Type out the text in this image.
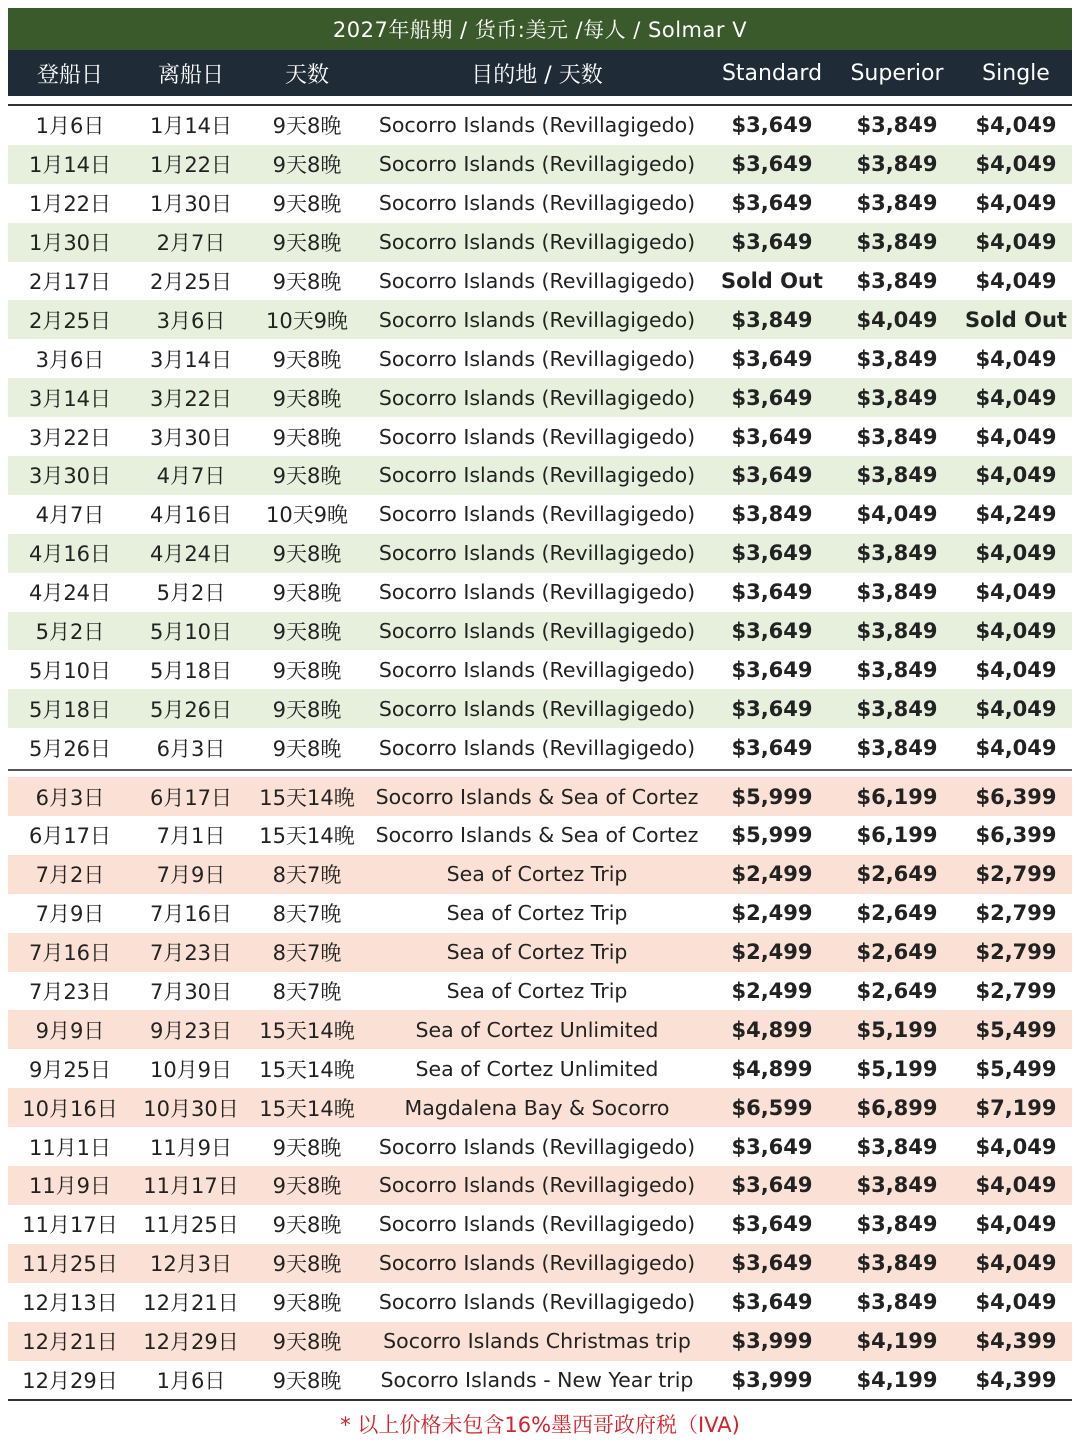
2027年船期 / 货币:美元 /每人 / Solmar V
登船日	离船日	天数	目的地 / 天数	Standard	Superior	Single
1月6日	1月14日	9天8晚	Socorro Islands (Revillagigedo)	$3,649	$3,849	$4,049
1月14日	1月22日	9天8晚	Socorro Islands (Revillagigedo)	$3,649	$3,849	$4,049
1月22日	1月30日	9天8晚	Socorro Islands (Revillagigedo)	$3,649	$3,849	$4,049
1月30日	2月7日	9天8晚	Socorro Islands (Revillagigedo)	$3,649	$3,849	$4,049
2月17日	2月25日	9天8晚	Socorro Islands (Revillagigedo)	Sold Out	$3,849	$4,049
2月25日	3月6日	10天9晚	Socorro Islands (Revillagigedo)	$3,849	$4,049	Sold Out
3月6日	3月14日	9天8晚	Socorro Islands (Revillagigedo)	$3,649	$3,849	$4,049
3月14日	3月22日	9天8晚	Socorro Islands (Revillagigedo)	$3,649	$3,849	$4,049
3月22日	3月30日	9天8晚	Socorro Islands (Revillagigedo)	$3,649	$3,849	$4,049
3月30日	4月7日	9天8晚	Socorro Islands (Revillagigedo)	$3,649	$3,849	$4,049
4月7日	4月16日	10天9晚	Socorro Islands (Revillagigedo)	$3,849	$4,049	$4,249
4月16日	4月24日	9天8晚	Socorro Islands (Revillagigedo)	$3,649	$3,849	$4,049
4月24日	5月2日	9天8晚	Socorro Islands (Revillagigedo)	$3,649	$3,849	$4,049
5月2日	5月10日	9天8晚	Socorro Islands (Revillagigedo)	$3,649	$3,849	$4,049
5月10日	5月18日	9天8晚	Socorro Islands (Revillagigedo)	$3,649	$3,849	$4,049
5月18日	5月26日	9天8晚	Socorro Islands (Revillagigedo)	$3,649	$3,849	$4,049
5月26日	6月3日	9天8晚	Socorro Islands (Revillagigedo)	$3,649	$3,849	$4,049
6月3日	6月17日	15天14晚	Socorro Islands & Sea of Cortez	$5,999	$6,199	$6,399
6月17日	7月1日	15天14晚	Socorro Islands & Sea of Cortez	$5,999	$6,199	$6,399
7月2日	7月9日	8天7晚	Sea of Cortez Trip	$2,499	$2,649	$2,799
7月9日	7月16日	8天7晚	Sea of Cortez Trip	$2,499	$2,649	$2,799
7月16日	7月23日	8天7晚	Sea of Cortez Trip	$2,499	$2,649	$2,799
7月23日	7月30日	8天7晚	Sea of Cortez Trip	$2,499	$2,649	$2,799
9月9日	9月23日	15天14晚	Sea of Cortez Unlimited	$4,899	$5,199	$5,499
9月25日	10月9日	15天14晚	Sea of Cortez Unlimited	$4,899	$5,199	$5,499
10月16日	10月30日 15天14晚	Magdalena Bay & Socorro	$6,599	$6,899	$7,199
11月1日	11月9日	9天8晚	Socorro Islands (Revillagigedo)	$3,649	$3,849	$4,049
11月9日	11月17日	9天8晚	Socorro Islands (Revillagigedo)	$3,649	$3,849	$4,049
11月17日	11月25日	9天8晚	Socorro Islands (Revillagigedo)	$3,649	$3,849	$4,049
11月25日	12月3日	9天8晚	Socorro Islands (Revillagigedo)	$3,649	$3,849	$4,049
12月13日	12月21日	9天8晚	Socorro Islands (Revillagigedo)	$3,649	$3,849	$4,049
12月21日	12月29日	9天8晚	Socorro Islands Christmas trip	$3,999	$4,199	$4,399
12月29日	1月6日	9天8晚	Socorro Islands - New Year trip	$3,999	$4,199	$4,399
* 以上价格未包含16%墨西哥政府税（IVA)
